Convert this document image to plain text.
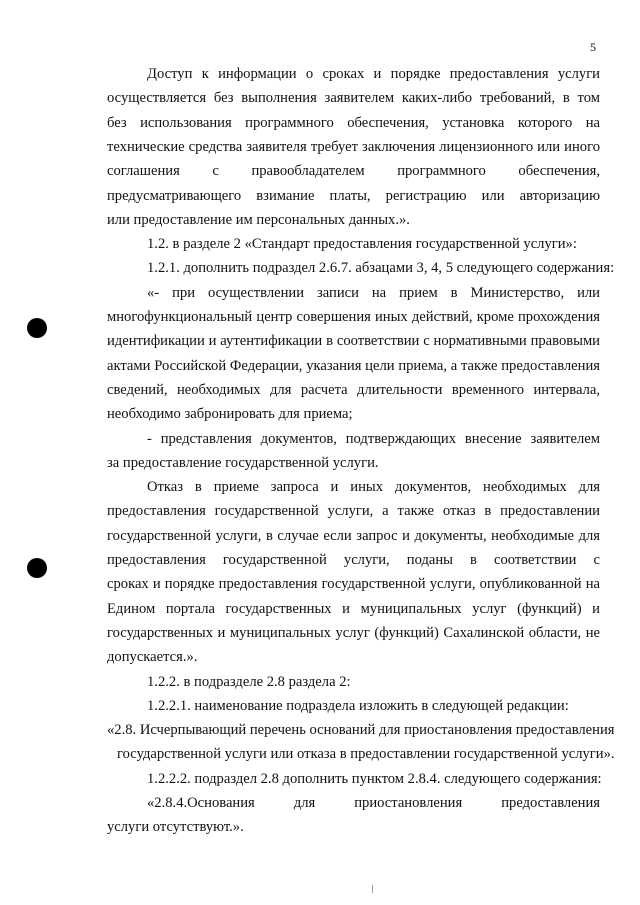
5
Доступ к информации о сроках и порядке предоставления услуги
осуществляется без выполнения заявителем каких-либо требований, в том
без использования программного обеспечения, установка которого на
технические средства заявителя требует заключения лицензионного или иного
соглашения с правообладателем программного обеспечения,
предусматривающего взимание платы, регистрацию или авторизацию
или предоставление им персональных данных.».
1.2. в разделе 2 «Стандарт предоставления государственной услуги»:
1.2.1. дополнить подраздел 2.6.7. абзацами 3, 4, 5 следующего содержания:
«- при осуществлении записи на прием в Министерство, или
многофункциональный центр совершения иных действий, кроме прохождения
идентификации и аутентификации в соответствии с нормативными правовыми
актами Российской Федерации, указания цели приема, а также предоставления
сведений, необходимых для расчета длительности временного интервала,
необходимо забронировать для приема;
- представления документов, подтверждающих внесение заявителем
за предоставление государственной услуги.
Отказ в приеме запроса и иных документов, необходимых для
предоставления государственной услуги, а также отказ в предоставлении
государственной услуги, в случае если запрос и документы, необходимые для
предоставления государственной услуги, поданы в соответствии с
сроках и порядке предоставления государственной услуги, опубликованной на
Едином портала государственных и муниципальных услуг (функций) и
государственных и муниципальных услуг (функций) Сахалинской области, не
допускается.».
1.2.2. в подразделе 2.8 раздела 2:
1.2.2.1. наименование подраздела изложить в следующей редакции:
«2.8. Исчерпывающий перечень оснований для приостановления предоставления
государственной услуги или отказа в предоставлении государственной услуги».
1.2.2.2. подраздел 2.8 дополнить пунктом 2.8.4. следующего содержания:
«2.8.4.Основания для приостановления предоставления
услуги отсутствуют.».
